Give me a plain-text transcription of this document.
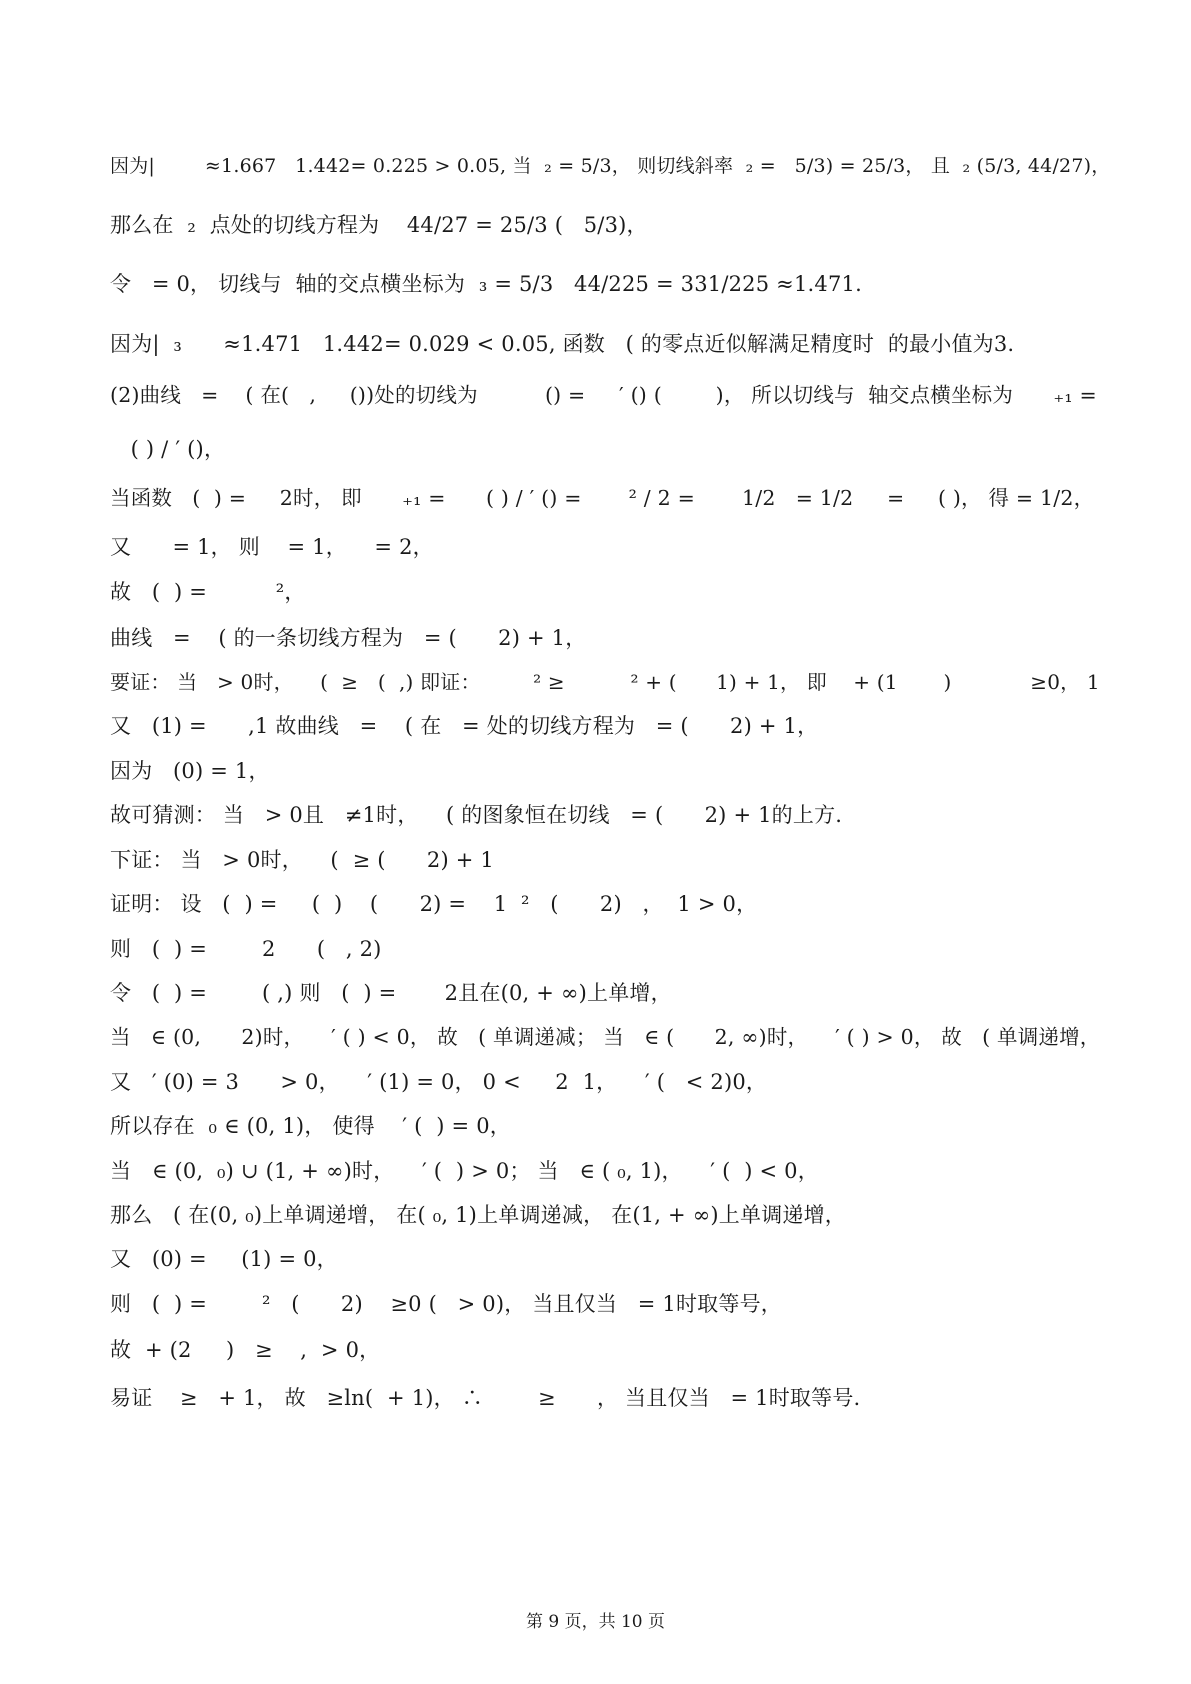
因为|        ≈1.667   1.442= 0.225 > 0.05, 当  ₂ = 5/3， 则切线斜率  ₂ =   5/3) = 25/3， 且  ₂ (5/3, 44/27)，
那么在  ₂  点处的切线方程为    44/27 = 25/3 (   5/3)，
令   = 0， 切线与  轴的交点横坐标为  ₃ = 5/3   44/225 = 331/225 ≈1.471.
因为|  ₃      ≈1.471   1.442= 0.029 < 0.05, 函数   ( 的零点近似解满足精度时  的最小值为3.
(2)曲线   =    ( 在(   ,     ())处的切线为          () =     ′ () (        )， 所以切线与  轴交点横坐标为      ₊₁ =
( ) / ′ ()，
当函数   (  ) =     2时， 即      ₊₁ =      ( ) / ′ () =       ² / 2 =       1/2   = 1/2     =     ( )， 得 = 1/2，
又      = 1， 则    = 1，    = 2，
故   (  ) =          ²，
曲线   =    ( 的一条切线方程为   = (      2) + 1，
要证： 当   > 0时，    (  ≥   (  ,) 即证：        ² ≥          ² + (      1) + 1， 即    + (1       )            ≥0， 1
又   (1) =      ,1 故曲线   =    ( 在   = 处的切线方程为   = (      2) + 1，
因为   (0) = 1，
故可猜测： 当   > 0且   ≠1时，    ( 的图象恒在切线   = (      2) + 1的上方.
下证： 当   > 0时，    (  ≥ (      2) + 1
证明： 设   (  ) =     (  )    (      2) =    1  ²   (      2)   ，  1 > 0，
则   (  ) =        2      (   , 2)
令   (  ) =        ( ,) 则   (  ) =       2且在(0, + ∞)上单增，
当   ∈ (0,      2)时，    ′ ( ) < 0， 故   ( 单调递减； 当   ∈ (      2, ∞)时，    ′ ( ) > 0， 故   ( 单调递增，
又   ′ (0) = 3      > 0，    ′ (1) = 0， 0 <     2  1，    ′ (   < 2)0，
所以存在  ₀ ∈ (0, 1)， 使得    ′ (  ) = 0，
当   ∈ (0,  ₀) ∪ (1, + ∞)时，    ′ (  ) > 0； 当   ∈ ( ₀, 1)，    ′ (  ) < 0，
那么   ( 在(0, ₀)上单调递增， 在( ₀, 1)上单调递减， 在(1, + ∞)上单调递增，
又   (0) =     (1) = 0，
则   (  ) =        ²   (      2)    ≥0 (   > 0)， 当且仅当   = 1时取等号，
故  + (2     )   ≥    ,  > 0，
易证    ≥   + 1， 故   ≥ln(  + 1)， ∴        ≥      ， 当且仅当   = 1时取等号.
第 9 页，共 10 页
